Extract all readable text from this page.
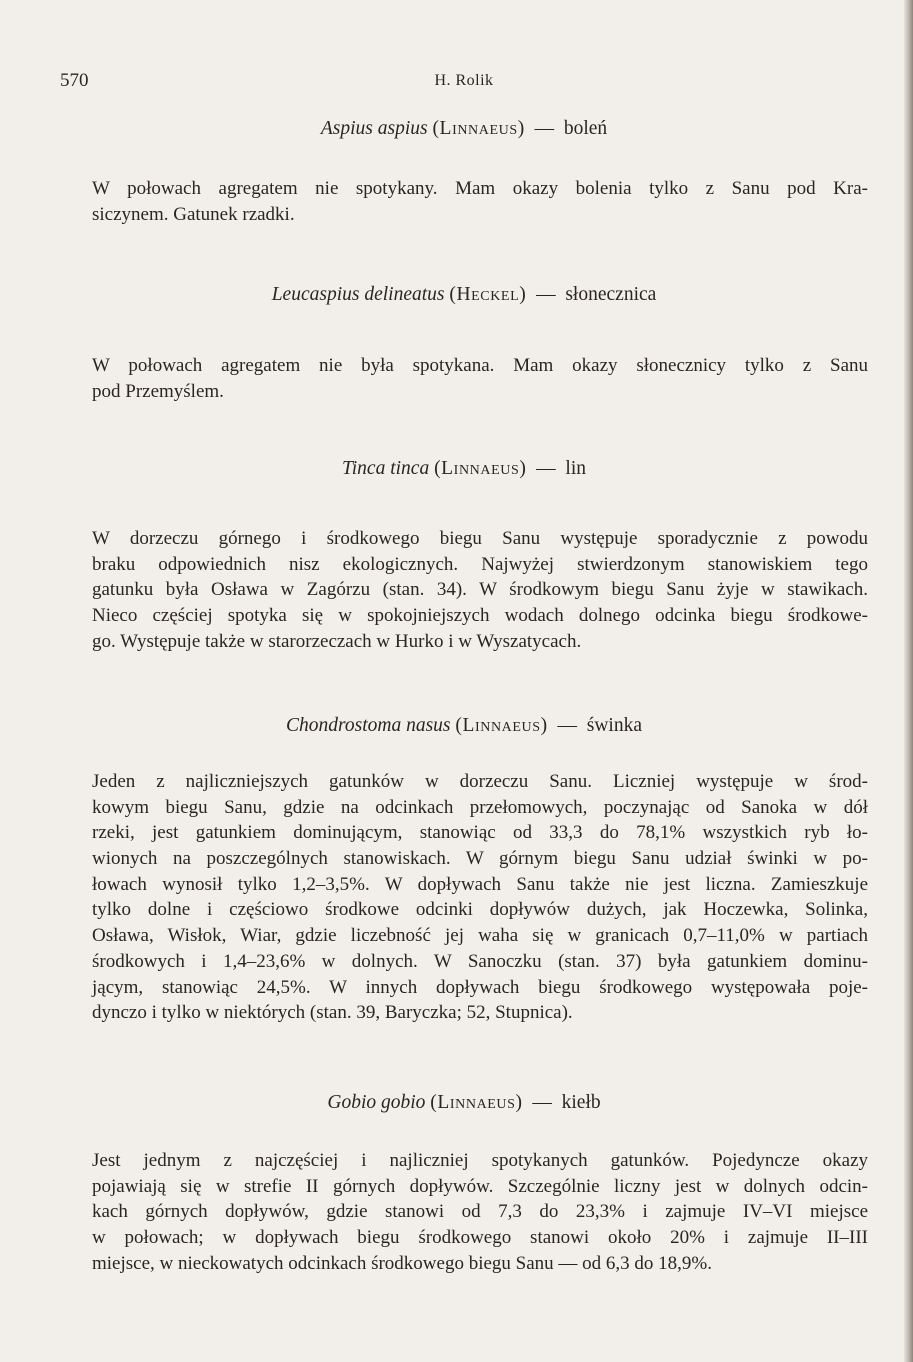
570	H. Rolik
Aspius aspius (Linnaeus) — boleń
W połowach agregatem nie spotykany. Mam okazy bolenia tylko z Sanu pod Kra-
siczynem. Gatunek rzadki.
Leucaspius delineatus (Heckel) — słonecznica
W połowach agregatem nie była spotykana. Mam okazy słonecznicy tylko z Sanu
pod Przemyślem.
Tinca tinca (Linnaeus) — lin
W dorzeczu górnego i środkowego biegu Sanu występuje sporadycznie z powodu
braku odpowiednich nisz ekologicznych. Najwyżej stwierdzonym stanowiskiem tego
gatunku była Osława w Zagórzu (stan. 34). W środkowym biegu Sanu żyje w stawikach.
Nieco częściej spotyka się w spokojniejszych wodach dolnego odcinka biegu środkowe-
go. Występuje także w starorzeczach w Hurko i w Wyszatycach.
Chondrostoma nasus (Linnaeus) — świnka
Jeden z najliczniejszych gatunków w dorzeczu Sanu. Liczniej występuje w środ-
kowym biegu Sanu, gdzie na odcinkach przełomowych, poczynając od Sanoka w dół
rzeki, jest gatunkiem dominującym, stanowiąc od 33,3 do 78,1% wszystkich ryb ło-
wionych na poszczególnych stanowiskach. W górnym biegu Sanu udział świnki w po-
łowach wynosił tylko 1,2–3,5%. W dopływach Sanu także nie jest liczna. Zamieszkuje
tylko dolne i częściowo środkowe odcinki dopływów dużych, jak Hoczewka, Solinka,
Osława, Wisłok, Wiar, gdzie liczebność jej waha się w granicach 0,7–11,0% w partiach
środkowych i 1,4–23,6% w dolnych. W Sanoczku (stan. 37) była gatunkiem dominu-
jącym, stanowiąc 24,5%. W innych dopływach biegu środkowego występowała poje-
dynczo i tylko w niektórych (stan. 39, Baryczka; 52, Stupnica).
Gobio gobio (Linnaeus) — kiełb
Jest jednym z najczęściej i najliczniej spotykanych gatunków. Pojedyncze okazy
pojawiają się w strefie II górnych dopływów. Szczególnie liczny jest w dolnych odcin-
kach górnych dopływów, gdzie stanowi od 7,3 do 23,3% i zajmuje IV–VI miejsce
w połowach; w dopływach biegu środkowego stanowi około 20% i zajmuje II–III
miejsce, w nieckowatych odcinkach środkowego biegu Sanu — od 6,3 do 18,9%.
